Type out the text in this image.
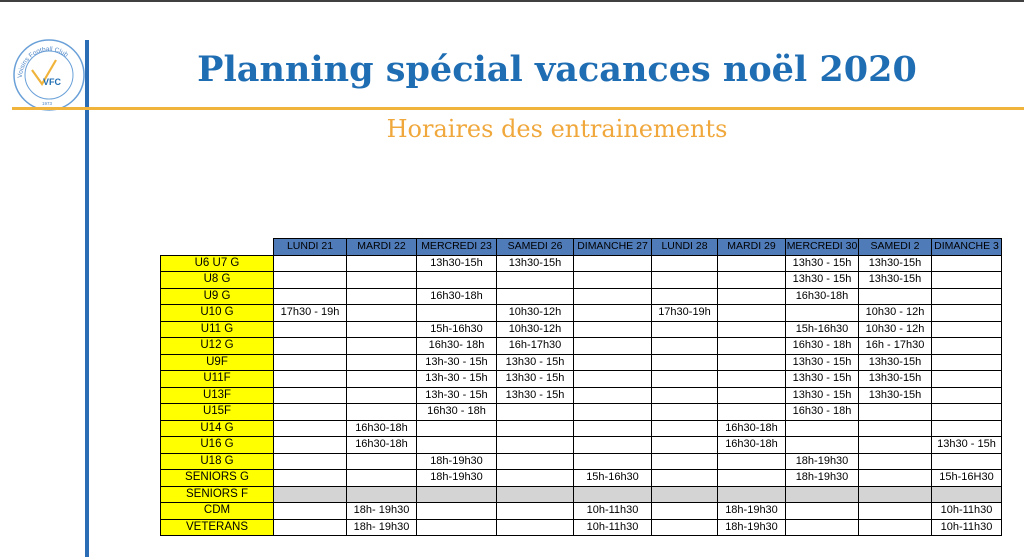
Voisins Football Club
VFC
1973
Planning spécial vacances noël 2020
Horaires des entrainements
	LUNDI 21	MARDI 22	MERCREDI 23	SAMEDI 26	DIMANCHE 27	LUNDI 28	MARDI 29	MERCREDI 30	SAMEDI 2	DIMANCHE 3
U6 U7 G			13h30-15h	13h30-15h				13h30 - 15h	13h30-15h	
U8 G								13h30 - 15h	13h30-15h	
U9 G			16h30-18h					16h30-18h		
U10 G	17h30 - 19h			10h30-12h		17h30-19h			10h30 - 12h	
U11 G			15h-16h30	10h30-12h				15h-16h30	10h30 - 12h	
U12 G			16h30- 18h	16h-17h30				16h30 - 18h	16h - 17h30	
U9F			13h-30 - 15h	13h30 - 15h				13h30 - 15h	13h30-15h	
U11F			13h-30 - 15h	13h30 - 15h				13h30 - 15h	13h30-15h	
U13F			13h-30 - 15h	13h30 - 15h				13h30 - 15h	13h30-15h	
U15F			16h30 - 18h					16h30 - 18h		
U14 G		16h30-18h					16h30-18h			
U16 G		16h30-18h					16h30-18h			13h30 - 15h
U18 G			18h-19h30					18h-19h30		
SENIORS G			18h-19h30		15h-16h30			18h-19h30		15h-16H30
SENIORS F										
CDM		18h- 19h30			10h-11h30		18h-19h30			10h-11h30
VETERANS		18h- 19h30			10h-11h30		18h-19h30			10h-11h30
